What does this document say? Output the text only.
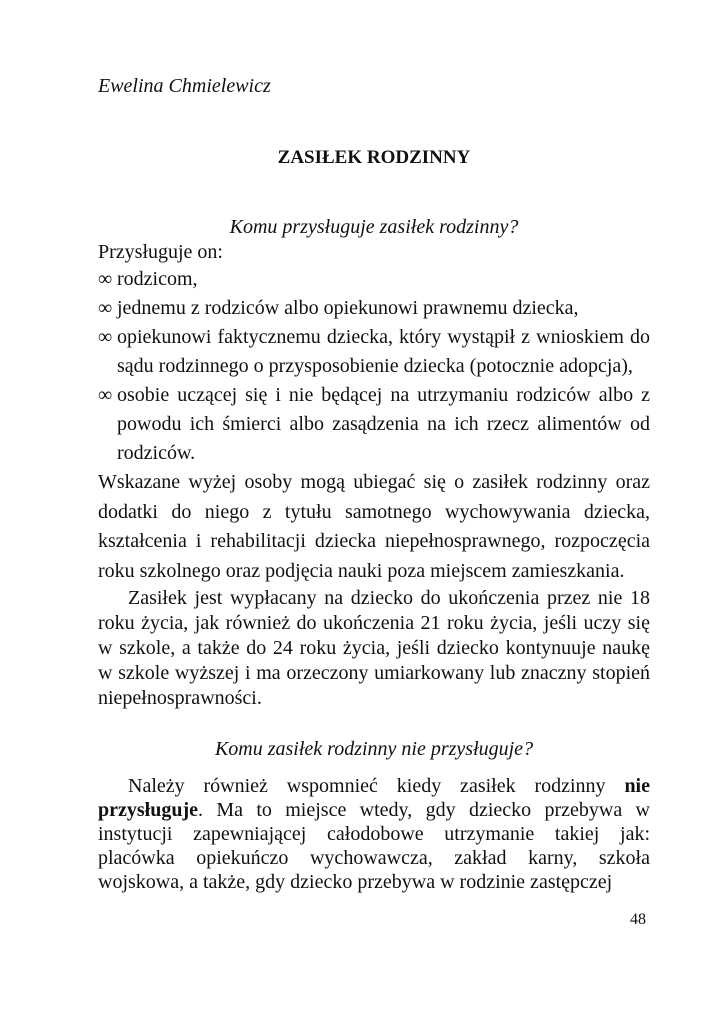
Ewelina Chmielewicz
ZASIŁEK RODZINNY

Komu przysługuje zasiłek rodzinny?

Przysługuje on:

∞ rodzicom,
∞ jednemu z rodziców albo opiekunowi prawnemu dziecka,
∞ opiekunowi faktycznemu dziecka, który wystąpił z wnioskiem do sądu rodzinnego o przysposobienie dziecka (potocznie adopcja),
∞ osobie uczącej się i nie będącej na utrzymaniu rodziców albo z powodu ich śmierci albo zasądzenia na ich rzecz alimentów od rodziców.

Wskazane wyżej osoby mogą ubiegać się o zasiłek rodzinny oraz dodatki do niego z tytułu samotnego wychowywania dziecka, kształcenia i rehabilitacji dziecka niepełnosprawnego, rozpoczęcia roku szkolnego oraz podjęcia nauki poza miejscem zamieszkania.

Zasiłek jest wypłacany na dziecko do ukończenia przez nie 18 roku życia, jak również do ukończenia 21 roku życia, jeśli uczy się w szkole, a także do 24 roku życia, jeśli dziecko kontynuuje naukę w szkole wyższej i ma orzeczony umiarkowany lub znaczny stopień niepełnosprawności.

Komu zasiłek rodzinny nie przysługuje?

Należy również wspomnieć kiedy zasiłek rodzinny nie przysługuje. Ma to miejsce wtedy, gdy dziecko przebywa w instytucji zapewniającej całodobowe utrzymanie takiej jak: placówka opiekuńczo wychowawcza, zakład karny, szkoła wojskowa, a także, gdy dziecko przebywa w rodzinie zastępczej

48
